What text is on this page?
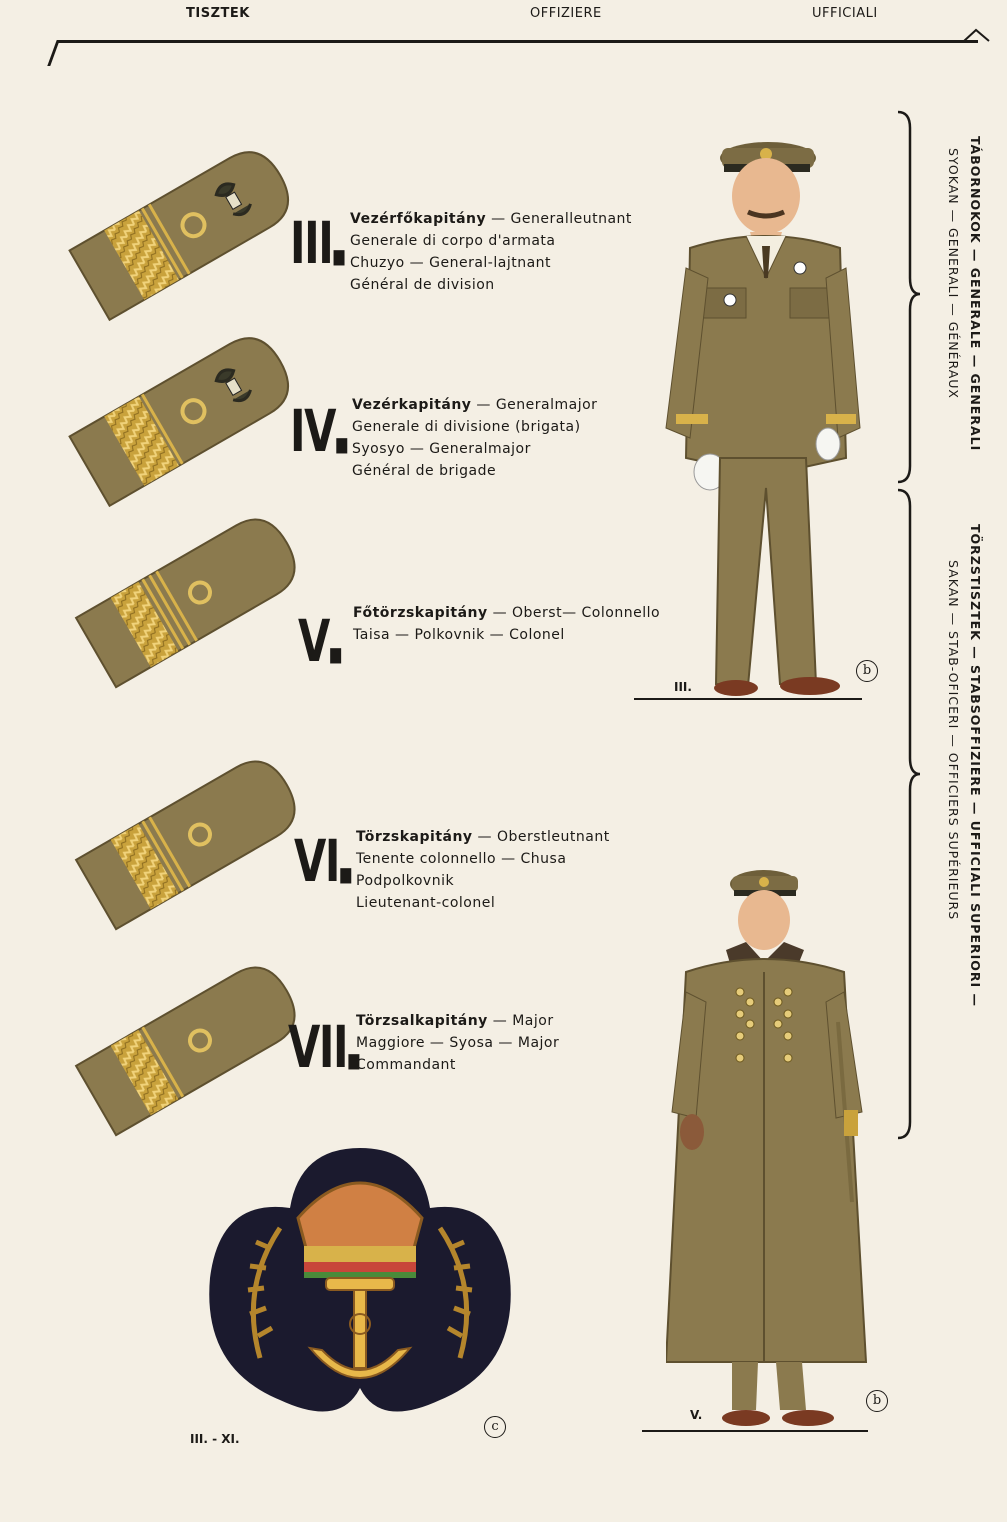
TISZTEK	OFFIZIERE	UFFICIALI
III■
IV■
V■
VI■
VII■
Vezérfőkapitány — Generalleutnant
Generale di corpo d'armata
Chuzyo — General-lajtnant
Général de division
Vezérkapitány — Generalmajor
Generale di divisione (brigata)
Syosyo — Generalmajor
Général de brigade
Főtörzskapitány — Oberst— Colonnello
Taisa — Polkovnik — Colonel
Törzskapitány — Oberstleutnant
Tenente colonnello — Chusa
Podpolkovnik
Lieutenant-colonel
Törzsalkapitány — Major
Maggiore — Syosa — Major
Commandant
III.
b
V.
b
III. - XI.
c
TÁBORNOKOK — GENERALE — GENERALI
SYOKAN — GENERALI — GÉNÉRAUX
TÖRZSTISZTEK — STABSOFFIZIERE — UFFICIALI SUPERIORI —
SAKAN — STAB-OFICERI — OFFICIERS SUPÉRIEURS
